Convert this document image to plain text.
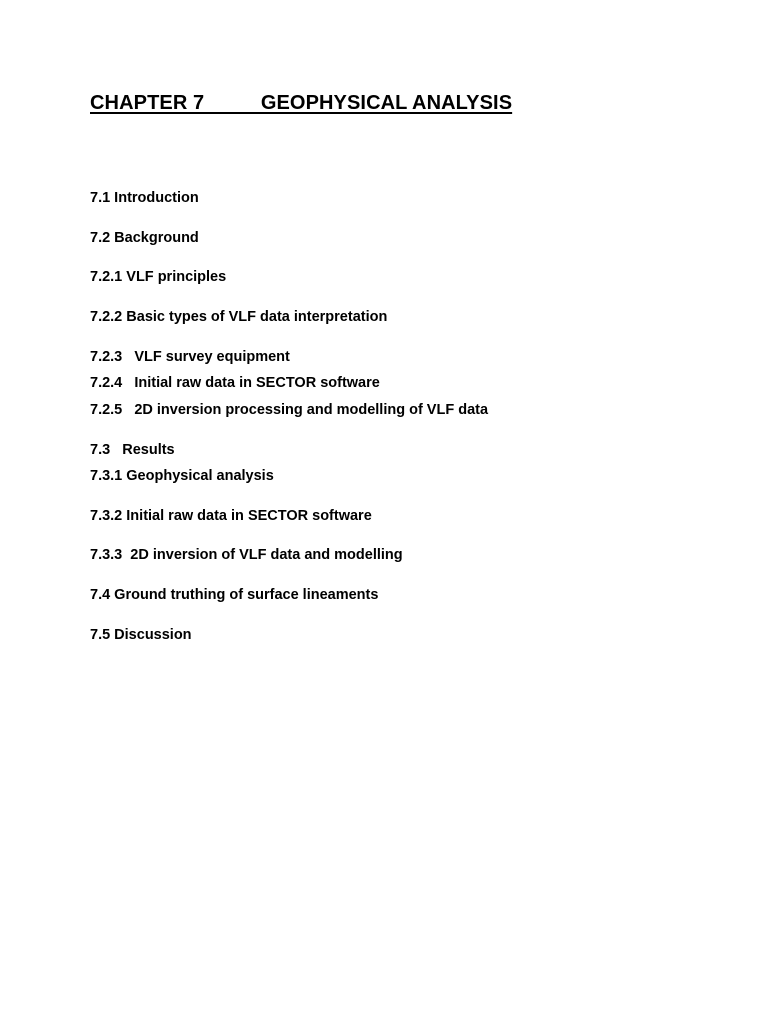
CHAPTER 7          GEOPHYSICAL ANALYSIS
7.1 Introduction
7.2 Background
7.2.1 VLF principles
7.2.2 Basic types of VLF data interpretation
7.2.3   VLF survey equipment
7.2.4   Initial raw data in SECTOR software
7.2.5   2D inversion processing and modelling of VLF data
7.3   Results
7.3.1 Geophysical analysis
7.3.2 Initial raw data in SECTOR software
7.3.3  2D inversion of VLF data and modelling
7.4 Ground truthing of surface lineaments
7.5 Discussion
